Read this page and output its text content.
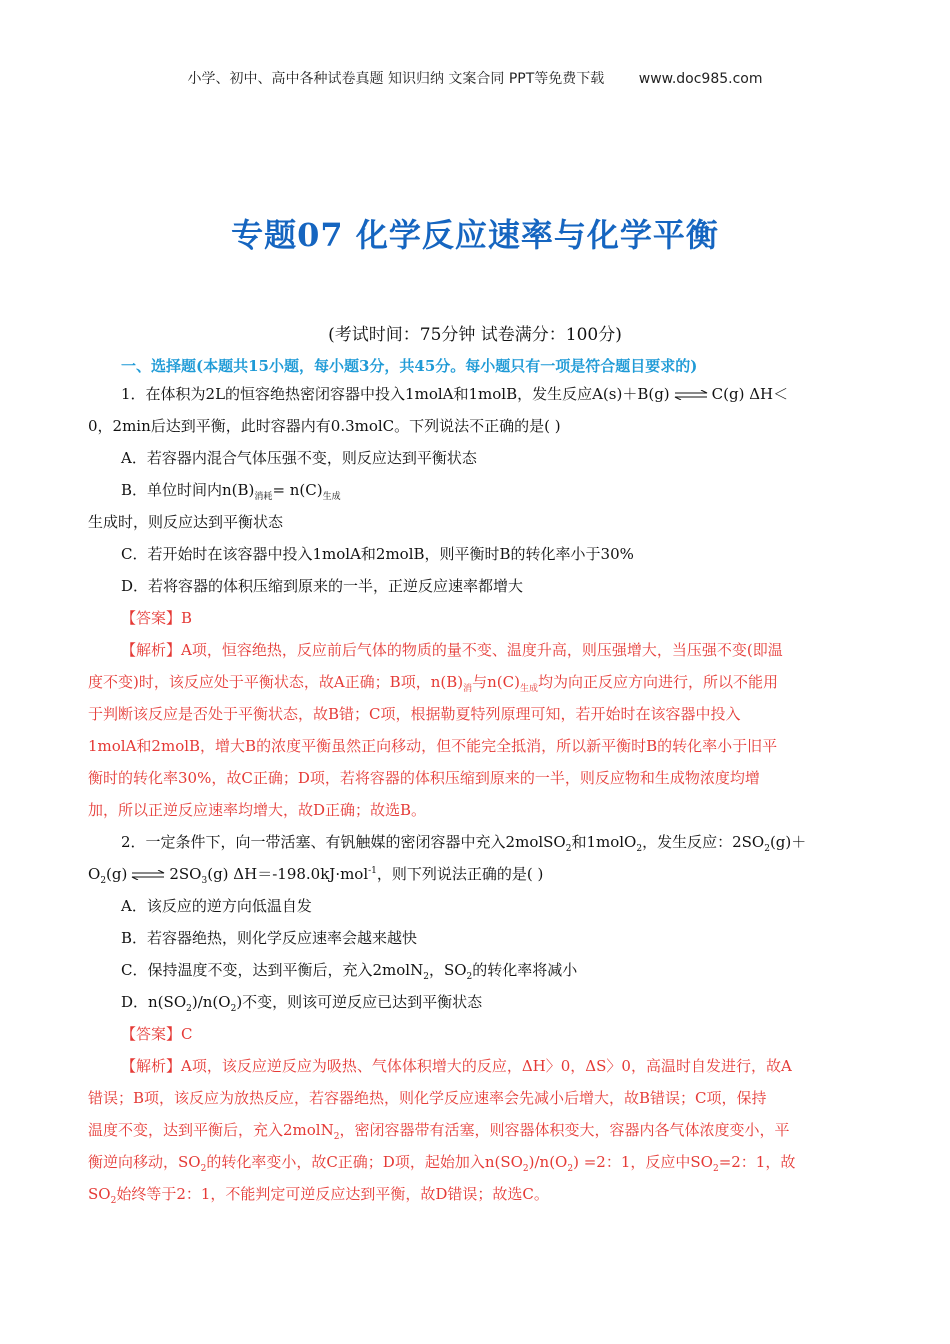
小学、初中、高中各种试卷真题 知识归纳 文案合同 PPT等免费下载 www.doc985.com
专题07 化学反应速率与化学平衡
(考试时间：75分钟 试卷满分：100分)
一、选择题(本题共15小题，每小题3分，共45分。每小题只有一项是符合题目要求的)
1．在体积为2L的恒容绝热密闭容器中投入1molA和1molB，发生反应A(s)＋B(g) ⇌ C(g) ΔH＜
0，2min后达到平衡，此时容器内有0.3molC。下列说法不正确的是( )
A．若容器内混合气体压强不变，则反应达到平衡状态
B．单位时间内$n(B)_{消耗}= n(C)_{生成}$
生成时，则反应达到平衡状态
C．若开始时在该容器中投入1molA和2molB，则平衡时B的转化率小于30%
D．若将容器的体积压缩到原来的一半，正逆反应速率都增大
【答案】B
【解析】A项，恒容绝热，反应前后气体的物质的量不变、温度升高，则压强增大，当压强不变(即温
度不变)时，该反应处于平衡状态，故A正确；B项，$n(B)_消$与$n(C)_{生成}$均为向正反应方向进行，所以不能用
于判断该反应是否处于平衡状态，故B错；C项，根据勒夏特列原理可知，若开始时在该容器中投入
1molA和2molB，增大B的浓度平衡虽然正向移动，但不能完全抵消，所以新平衡时B的转化率小于旧平
衡时的转化率30%，故C正确；D项，若将容器的体积压缩到原来的一半，则反应物和生成物浓度均增
加，所以正逆反应速率均增大，故D正确；故选B。
2．一定条件下，向一带活塞、有钒触媒的密闭容器中充入2molSO$_2$和1molO$_2$，发生反应：$2SO_2(g)+$
$O_2(g)$ ⇌ $2SO_3(g)$ ΔH＝-198.0kJ·mol$^{-1}$，则下列说法正确的是( )
A．该反应的逆方向低温自发
B．若容器绝热，则化学反应速率会越来越快
C．保持温度不变，达到平衡后，充入2molN$_2$，$SO_2$的转化率将减小
D．$n(SO_2)/n(O_2)$不变，则该可逆反应已达到平衡状态
【答案】C
【解析】A项，该反应逆反应为吸热、气体体积增大的反应，ΔH〉0，ΔS〉0，高温时自发进行，故A
错误；B项，该反应为放热反应，若容器绝热，则化学反应速率会先减小后增大，故B错误；C项，保持
温度不变，达到平衡后，充入2molN$_2$，密闭容器带有活塞，则容器体积变大，容器内各气体浓度变小，平
衡逆向移动，$SO_2$的转化率变小，故C正确；D项，起始加入$n(SO_2)/n(O_2) =2$：1，反应中$SO_2=2$：1，故
$SO_2$始终等于2：1，不能判定可逆反应达到平衡，故D错误；故选C。
